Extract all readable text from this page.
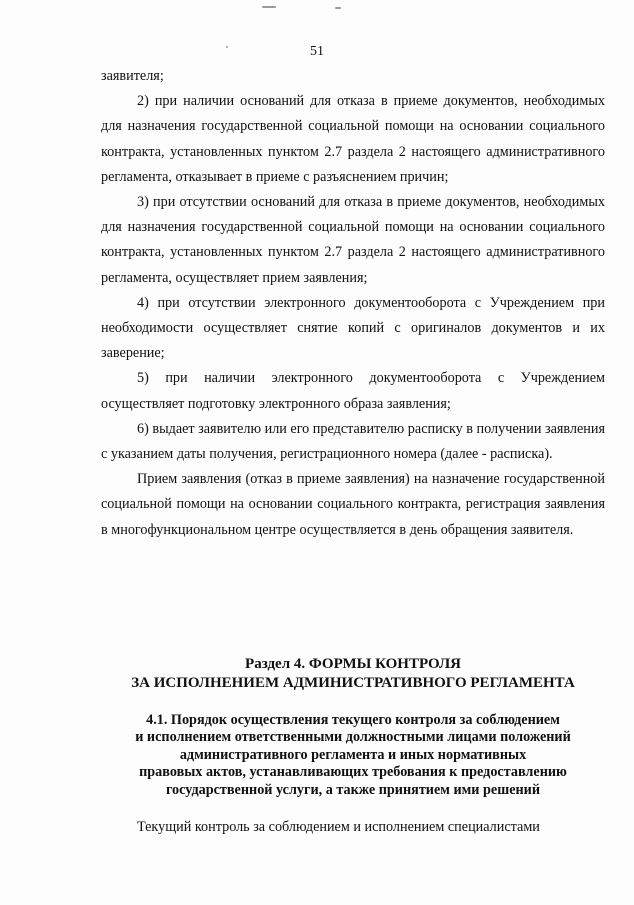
51

заявителя;

2) при наличии оснований для отказа в приеме документов, необходимых для назначения государственной социальной помощи на основании социального контракта, установленных пунктом 2.7 раздела 2 настоящего административного регламента, отказывает в приеме с разъяснением причин;

3) при отсутствии оснований для отказа в приеме документов, необходимых для назначения государственной социальной помощи на основании социального контракта, установленных пунктом 2.7 раздела 2 настоящего административного регламента, осуществляет прием заявления;

4) при отсутствии электронного документооборота с Учреждением при необходимости осуществляет снятие копий с оригиналов документов и их заверение;

5) при наличии электронного документооборота с Учреждением осуществляет подготовку электронного образа заявления;

6) выдает заявителю или его представителю расписку в получении заявления с указанием даты получения, регистрационного номера (далее - расписка).

Прием заявления (отказ в приеме заявления) на назначение государственной социальной помощи на основании социального контракта, регистрация заявления в многофункциональном центре осуществляется в день обращения заявителя.

Раздел 4. ФОРМЫ КОНТРОЛЯ
ЗА ИСПОЛНЕНИЕМ АДМИНИСТРАТИВНОГО РЕГЛАМЕНТА
4.1. Порядок осуществления текущего контроля за соблюдением
и исполнением ответственными должностными лицами положений
административного регламента и иных нормативных
правовых актов, устанавливающих требования к предоставлению
государственной услуги, а также принятием ими решений

Текущий контроль за соблюдением и исполнением специалистами
